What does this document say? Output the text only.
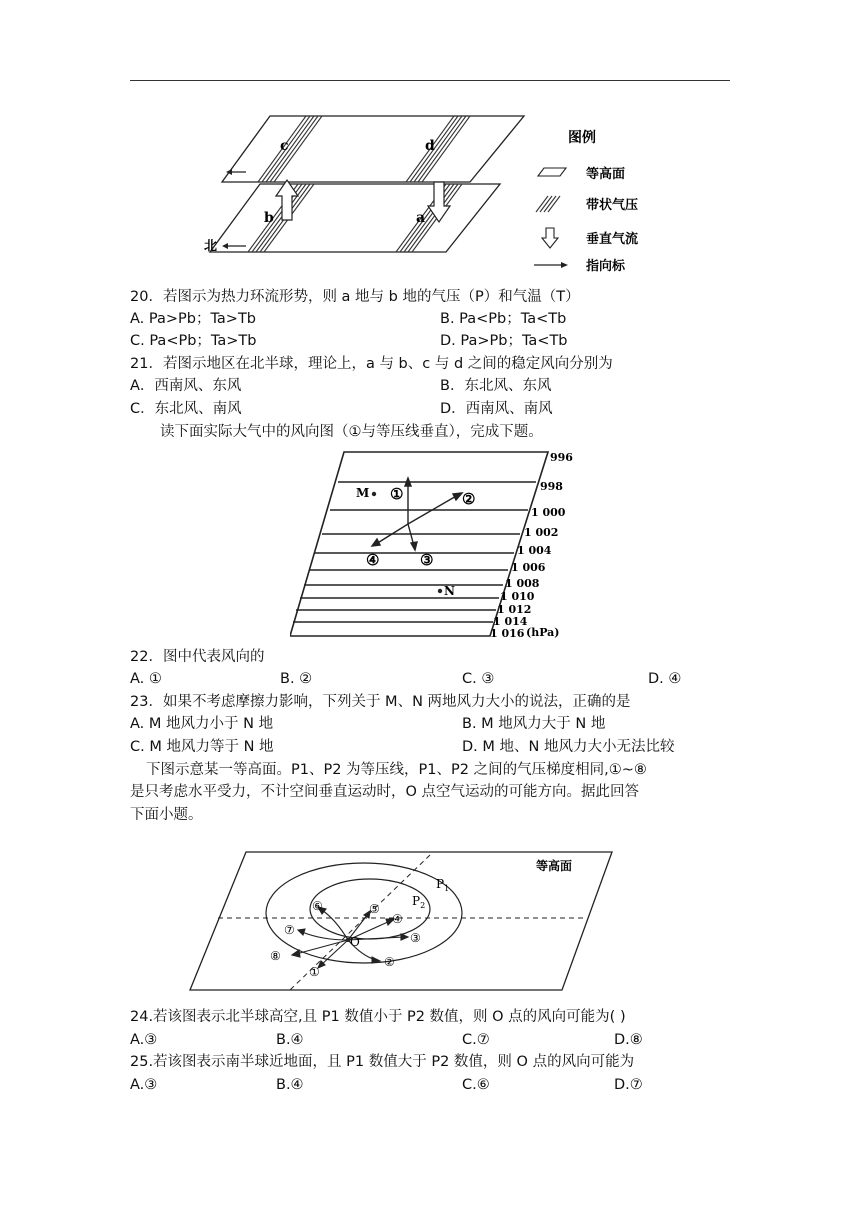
c	d
b	a
北
图例
等高面
带状气压
垂直气流
指向标
20．若图示为热力环流形势，则 a 地与 b 地的气压（P）和气温（T）
A. Pa>Pb；Ta>Tb	B. Pa<Pb；Ta<Tb
C. Pa<Pb；Ta>Tb	D. Pa>Pb；Ta<Tb
21．若图示地区在北半球，理论上，a 与 b、c 与 d 之间的稳定风向分别为
A．西南风、东风	B．东北风、东风
C．东北风、南风	D．西南风、南风
读下面实际大气中的风向图（①与等压线垂直），完成下题。
M
N
①	②
③
④
996
998
1 000
1 002
1 004
1 006
1 008
1 010
1 012
1 014
1 016 (hPa)
22．图中代表风向的
A. ①	B. ②	C. ③	D. ④
23．如果不考虑摩擦力影响，下列关于 M、N 两地风力大小的说法，正确的是
A. M 地风力小于 N 地	B. M 地风力大于 N 地
C. M 地风力等于 N 地	D. M 地、N 地风力大小无法比较
下图示意某一等高面。P1、P2 为等压线，P1、P2 之间的气压梯度相同,①~⑧
是只考虑水平受力，不计空间垂直运动时，O 点空气运动的可能方向。据此回答
下面小题。
等高面
$P_1$
$P_2$
O
①
②
③
④
⑤
⑥
⑦
⑧
24.若该图表示北半球高空,且 P1 数值小于 P2 数值，则 O 点的风向可能为( )
A.③	B.④	C.⑦	D.⑧
25.若该图表示南半球近地面，且 P1 数值大于 P2 数值，则 O 点的风向可能为
A.③	B.④	C.⑥	D.⑦
